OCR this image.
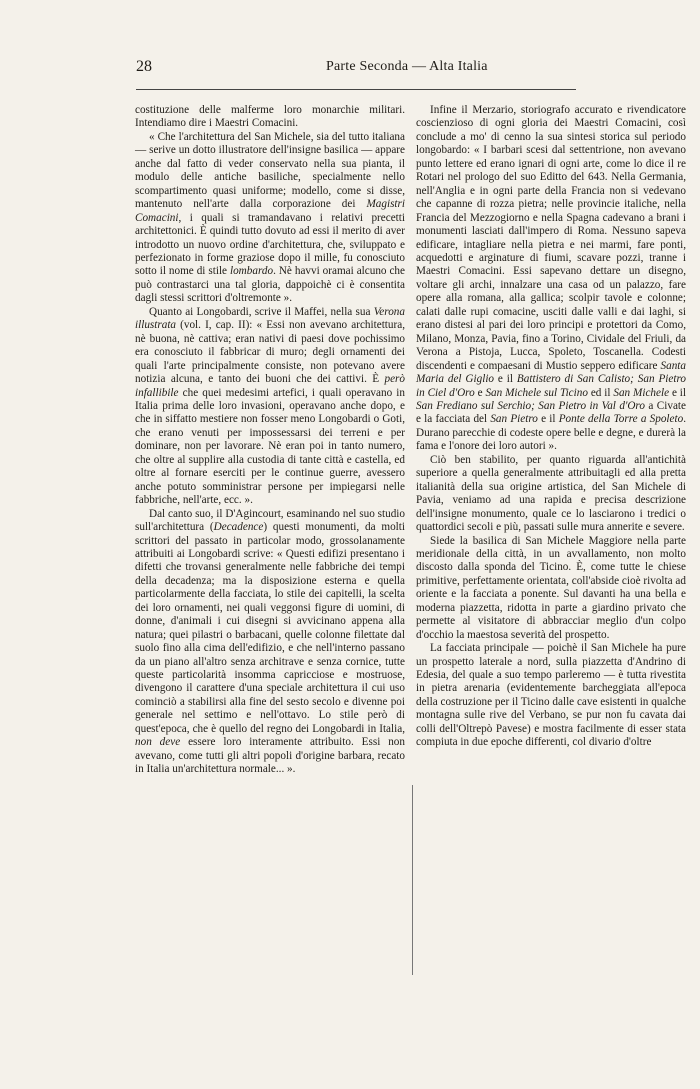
28	Parte Seconda — Alta Italia

costituzione delle malferme loro monarchie militari. Intendiamo dire i Maestri Comacini.

« Che l'architettura del San Michele, sia del tutto italiana — serive un dotto illustratore dell'insigne basilica — appare anche dal fatto di veder conservato nella sua pianta, il modulo delle antiche basiliche, specialmente nello scompartimento quasi uniforme; modello, come si disse, mantenuto nell'arte dalla corporazione dei Magistri Comacini, i quali si tramandavano i relativi precetti architettonici. È quindi tutto dovuto ad essi il merito di aver introdotto un nuovo ordine d'architettura, che, sviluppato e perfezionato in forme graziose dopo il mille, fu conosciuto sotto il nome di stile lombardo. Nè havvi oramai alcuno che può contrastarci una tal gloria, dappoichè ci è consentita dagli stessi scrittori d'oltremonte ».

Quanto ai Longobardi, scrive il Maffei, nella sua Verona illustrata (vol. I, cap. II): « Essi non avevano architettura, nè buona, nè cattiva; eran nativi di paesi dove pochissimo era conosciuto il fabbricar di muro; degli ornamenti dei quali l'arte principalmente consiste, non potevano avere notizia alcuna, e tanto dei buoni che dei cattivi. È però infallibile che quei medesimi artefici, i quali operavano in Italia prima delle loro invasioni, operavano anche dopo, e che in siffatto mestiere non fosser meno Longobardi o Goti, che erano venuti per impossessarsi dei terreni e per dominare, non per lavorare. Nè eran poi in tanto numero, che oltre al supplire alla custodia di tante città e castella, ed oltre al fornare eserciti per le continue guerre, avessero anche potuto somministrar persone per impiegarsi nelle fabbriche, nell'arte, ecc. ».

Dal canto suo, il D'Agincourt, esaminando nel suo studio sull'architettura (Decadence) questi monumenti, da molti scrittori del passato in particolar modo, grossolanamente attribuiti ai Longobardi scrive: « Questi edifizi presentano i difetti che trovansi generalmente nelle fabbriche dei tempi della decadenza; ma la disposizione esterna e quella particolarmente della facciata, lo stile dei capitelli, la scelta dei loro ornamenti, nei quali veggonsi figure di uomini, di donne, d'animali i cui disegni si avvicinano appena alla natura; quei pilastri o barbacani, quelle colonne filettate dal suolo fino alla cima dell'edifizio, e che nell'interno passano da un piano all'altro senza architrave e senza cornice, tutte queste particolarità insomma capricciose e mostruose, divengono il carattere d'una speciale architettura il cui uso cominciò a stabilirsi alla fine del sesto secolo e divenne poi generale nel settimo e nell'ottavo. Lo stile però di quest'epoca, che è quello del regno dei Longobardi in Italia, non deve essere loro interamente attribuito. Essi non avevano, come tutti gli altri popoli d'origine barbara, recato in Italia un'architettura normale... ».

Infine il Merzario, storiografo accurato e rivendicatore coscienzioso di ogni gloria dei Maestri Comacini, così conclude a mo' di cenno la sua sintesi storica sul periodo longobardo: « I barbari scesi dal settentrione, non avevano punto lettere ed erano ignari di ogni arte, come lo dice il re Rotari nel prologo del suo Editto del 643. Nella Germania, nell'Anglia e in ogni parte della Francia non si vedevano che capanne di rozza pietra; nelle provincie italiche, nella Francia del Mezzogiorno e nella Spagna cadevano a brani i monumenti lasciati dall'impero di Roma. Nessuno sapeva edificare, intagliare nella pietra e nei marmi, fare ponti, acquedotti e arginature di fiumi, scavare pozzi, tranne i Maestri Comacini. Essi sapevano dettare un disegno, voltare gli archi, innalzare una casa od un palazzo, fare opere alla romana, alla gallica; scolpir tavole e colonne; calati dalle rupi comacine, usciti dalle valli e dai laghi, si erano distesi al pari dei loro principi e protettori da Como, Milano, Monza, Pavia, fino a Torino, Cividale del Friuli, da Verona a Pistoja, Lucca, Spoleto, Toscanella. Codesti discendenti e compaesani di Mustio seppero edificare Santa Maria del Giglio e il Battistero di San Calisto; San Pietro in Ciel d'Oro e San Michele sul Ticino ed il San Michele e il San Frediano sul Serchio; San Pietro in Val d'Oro a Civate e la facciata del San Pietro e il Ponte della Torre a Spoleto. Durano parecchie di codeste opere belle e degne, e durerà la fama e l'onore dei loro autori ».

Ciò ben stabilito, per quanto riguarda all'antichità superiore a quella generalmente attribuitagli ed alla pretta italianità della sua origine artistica, del San Michele di Pavia, veniamo ad una rapida e precisa descrizione dell'insigne monumento, quale ce lo lasciarono i tredici o quattordici secoli e più, passati sulle mura annerite e severe.

Siede la basilica di San Michele Maggiore nella parte meridionale della città, in un avvallamento, non molto discosto dalla sponda del Ticino. È, come tutte le chiese primitive, perfettamente orientata, coll'abside cioè rivolta ad oriente e la facciata a ponente. Sul davanti ha una bella e moderna piazzetta, ridotta in parte a giardino privato che permette al visitatore di abbracciar meglio d'un colpo d'occhio la maestosa severità del prospetto.

La facciata principale — poichè il San Michele ha pure un prospetto laterale a nord, sulla piazzetta d'Andrino di Edesia, del quale a suo tempo parleremo — è tutta rivestita in pietra arenaria (evidentemente barcheggiata all'epoca della costruzione per il Ticino dalle cave esistenti in qualche montagna sulle rive del Verbano, se pur non fu cavata dai colli dell'Oltrepò Pavese) e mostra facilmente di esser stata compiuta in due epoche differenti, col divario d'oltre
